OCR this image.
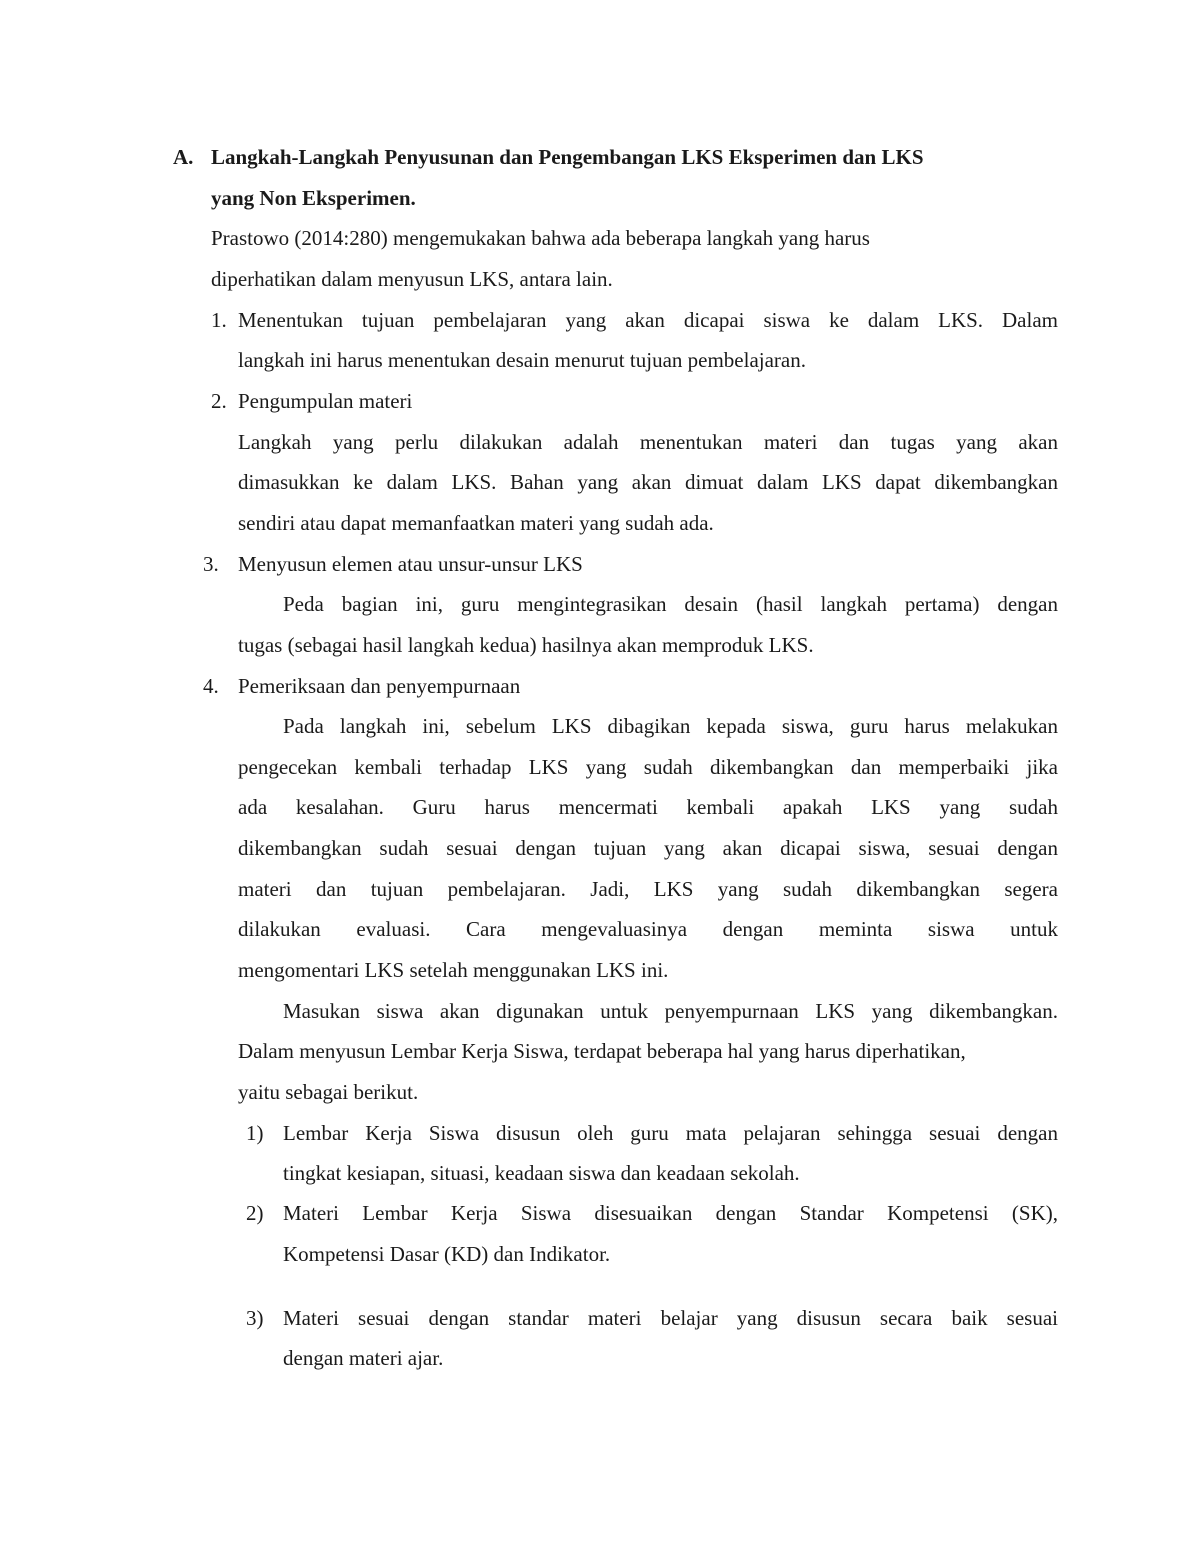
A. Langkah-Langkah Penyusunan dan Pengembangan LKS Eksperimen dan LKS
yang Non Eksperimen.
Prastowo (2014:280) mengemukakan bahwa ada beberapa langkah yang harus
diperhatikan dalam menyusun LKS, antara lain.
1. Menentukan tujuan pembelajaran yang akan dicapai siswa ke dalam LKS. Dalam
langkah ini harus menentukan desain menurut tujuan pembelajaran.
2. Pengumpulan materi
Langkah yang perlu dilakukan adalah menentukan materi dan tugas yang akan
dimasukkan ke dalam LKS. Bahan yang akan dimuat dalam LKS dapat dikembangkan
sendiri atau dapat memanfaatkan materi yang sudah ada.
3. Menyusun elemen atau unsur-unsur LKS
Peda bagian ini, guru mengintegrasikan desain (hasil langkah pertama) dengan
tugas (sebagai hasil langkah kedua) hasilnya akan memproduk LKS.
4. Pemeriksaan dan penyempurnaan
Pada langkah ini, sebelum LKS dibagikan kepada siswa, guru harus melakukan
pengecekan kembali terhadap LKS yang sudah dikembangkan dan memperbaiki jika
ada kesalahan. Guru harus mencermati kembali apakah LKS yang sudah
dikembangkan sudah sesuai dengan tujuan yang akan dicapai siswa, sesuai dengan
materi dan tujuan pembelajaran. Jadi, LKS yang sudah dikembangkan segera
dilakukan evaluasi. Cara mengevaluasinya dengan meminta siswa untuk
mengomentari LKS setelah menggunakan LKS ini.
Masukan siswa akan digunakan untuk penyempurnaan LKS yang dikembangkan.
Dalam menyusun Lembar Kerja Siswa, terdapat beberapa hal yang harus diperhatikan,
yaitu sebagai berikut.
1) Lembar Kerja Siswa disusun oleh guru mata pelajaran sehingga sesuai dengan
tingkat kesiapan, situasi, keadaan siswa dan keadaan sekolah.
2) Materi Lembar Kerja Siswa disesuaikan dengan Standar Kompetensi (SK),
Kompetensi Dasar (KD) dan Indikator.
3) Materi sesuai dengan standar materi belajar yang disusun secara baik sesuai
dengan materi ajar.
